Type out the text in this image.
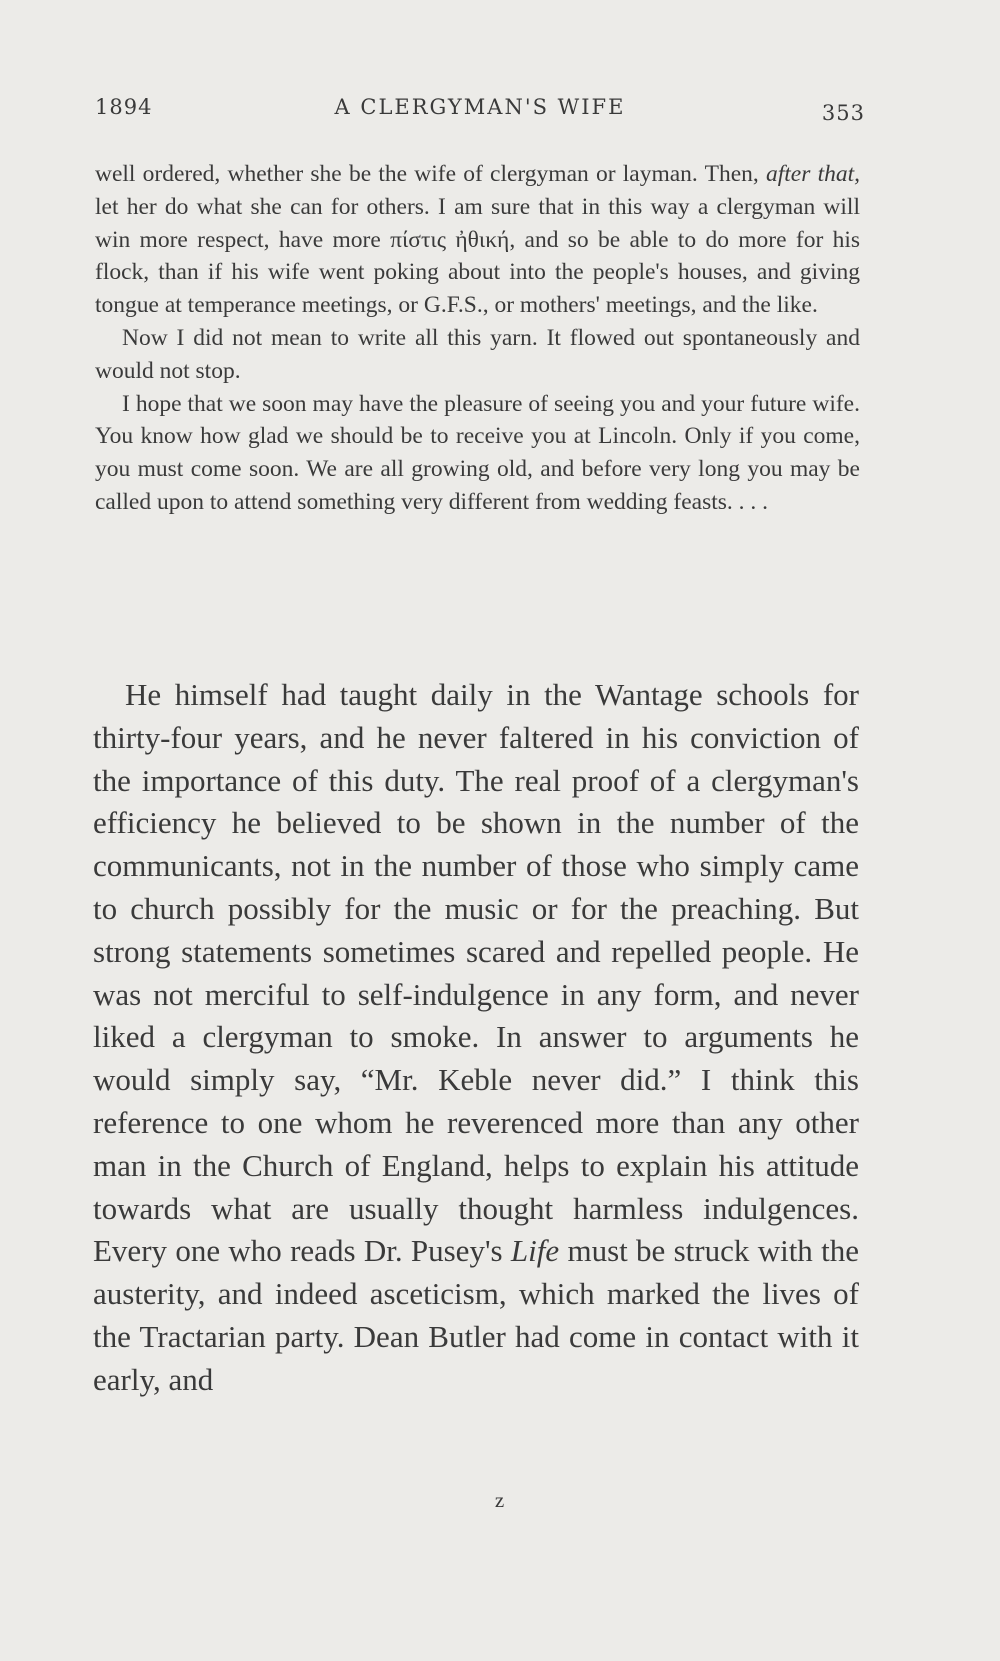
1894	A CLERGYMAN'S WIFE	353

well ordered, whether she be the wife of clergyman or layman. Then, after that, let her do what she can for others. I am sure that in this way a clergyman will win more respect, have more πίστις ἠθική, and so be able to do more for his flock, than if his wife went poking about into the people's houses, and giving tongue at temperance meetings, or G.F.S., or mothers' meetings, and the like.

Now I did not mean to write all this yarn. It flowed out spontaneously and would not stop.

I hope that we soon may have the pleasure of seeing you and your future wife. You know how glad we should be to receive you at Lincoln. Only if you come, you must come soon. We are all growing old, and before very long you may be called upon to attend something very different from wedding feasts. . . .

He himself had taught daily in the Wantage schools for thirty-four years, and he never faltered in his conviction of the importance of this duty. The real proof of a clergyman's efficiency he believed to be shown in the number of the communicants, not in the number of those who simply came to church possibly for the music or for the preaching. But strong statements sometimes scared and repelled people. He was not merciful to self-indulgence in any form, and never liked a clergyman to smoke. In answer to arguments he would simply say, “Mr. Keble never did.” I think this reference to one whom he reverenced more than any other man in the Church of England, helps to explain his attitude towards what are usually thought harmless indulgences. Every one who reads Dr. Pusey's Life must be struck with the austerity, and indeed asceticism, which marked the lives of the Tractarian party. Dean Butler had come in contact with it early, and

z
